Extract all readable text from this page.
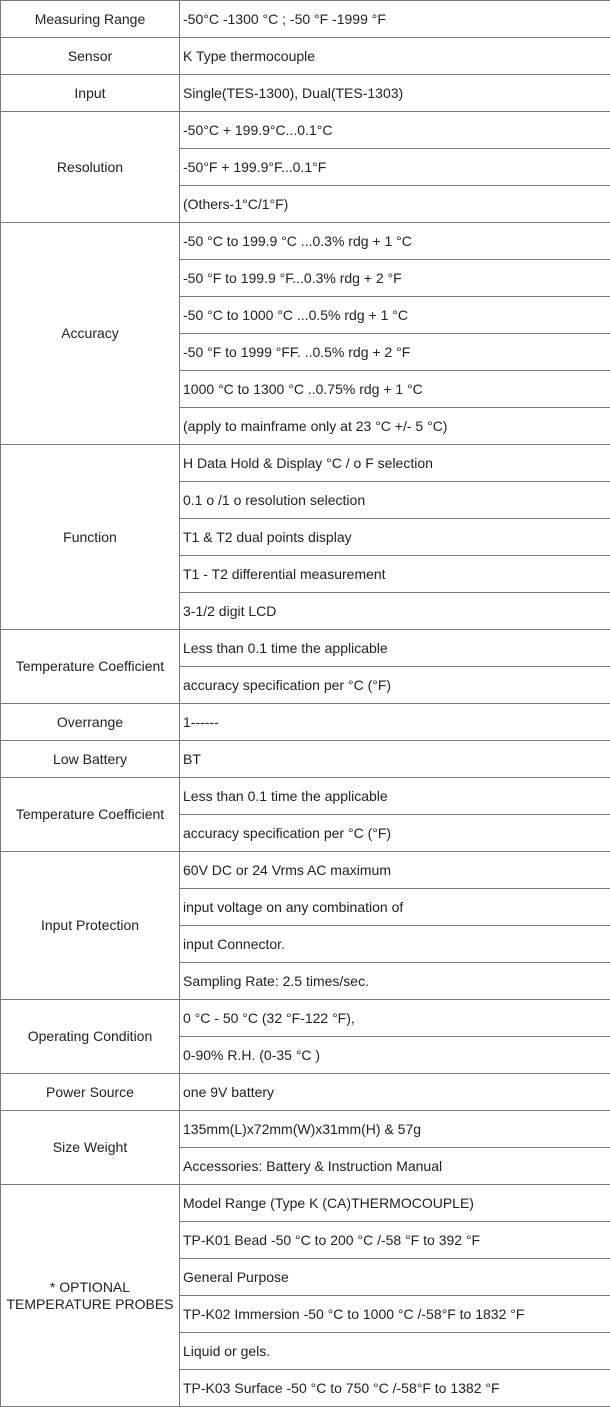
Measuring Range	-50°C -1300 °C ; -50 °F -1999 °F
Sensor	K Type thermocouple
Input	Single(TES-1300), Dual(TES-1303)
Resolution	-50°C + 199.9°C...0.1°C
	-50°F + 199.9°F...0.1°F
	(Others-1°C/1°F)
Accuracy	-50 °C to 199.9 °C ...0.3% rdg + 1 °C
	-50 °F to 199.9 °F...0.3% rdg + 2 °F
	-50 °C to 1000 °C ...0.5% rdg + 1 °C
	-50 °F to 1999 °FF. ..0.5% rdg + 2 °F
	1000 °C to 1300 °C ..0.75% rdg + 1 °C
	(apply to mainframe only at 23 °C +/- 5 °C)
Function	H Data Hold & Display °C / o F selection
	0.1 o /1 o resolution selection
	T1 & T2 dual points display
	T1 - T2 differential measurement
	3-1/2 digit LCD
Temperature Coefficient	Less than 0.1 time the applicable
	accuracy specification per °C (°F)
Overrange	1------
Low Battery	BT
Temperature Coefficient	Less than 0.1 time the applicable
	accuracy specification per °C (°F)
Input Protection	60V DC or 24 Vrms AC maximum
	input voltage on any combination of
	input Connector.
	Sampling Rate: 2.5 times/sec.
Operating Condition	0 °C - 50 °C (32 °F-122 °F),
	0-90% R.H. (0-35 °C )
Power Source	one 9V battery
Size Weight	135mm(L)x72mm(W)x31mm(H) & 57g
	Accessories: Battery & Instruction Manual
* OPTIONAL TEMPERATURE PROBES	Model Range (Type K (CA)THERMOCOUPLE)
	TP-K01 Bead -50 °C to 200 °C /-58 °F to 392 °F
	General Purpose
	TP-K02 Immersion -50 °C to 1000 °C /-58°F to 1832 °F
	Liquid or gels.
	TP-K03 Surface -50 °C to 750 °C /-58°F to 1382 °F
